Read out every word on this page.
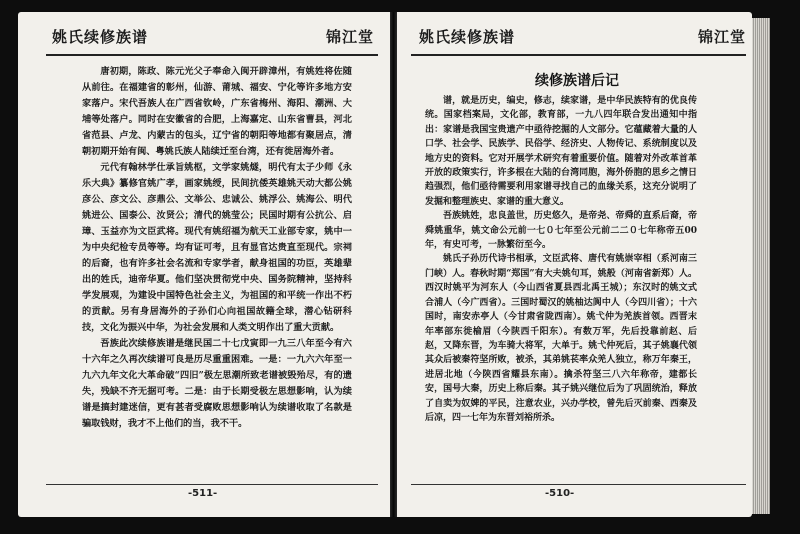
姚氏续修族谱	锦江堂

唐初期，陈政、陈元光父子奉命入闽开辟漳州，有姚姓将佐随从前往。在福建省的彰州，仙游、莆城、福安、宁化等许多地方安家落户。宋代吾族人在广西省钦岭，广东省梅州、海阳、潮洲、大埔等处落户。同时在安徽省的合肥，上海嘉定、山东省曹县，河北省范县、卢龙、内蒙古的包头，辽宁省的朝阳等地都有聚居点，清朝初期开始有闽、粤姚氏族人陆续迁至台湾，还有徙居海外者。

元代有翰林学仕承旨姚枢，文学家姚燧，明代有太子少师《永乐大典》纂修官姚广孝，画家姚绶，民间抗倭英雄姚天动大都公姚彦公、彦文公、彦鼎公、文举公、忠诚公、姚浮公、姚海公、明代姚进公、国泰公、汝贤公；清代的姚莹公；民国时期有公抗公、启璋、玉益亦为文臣武将。现代有姚绍福为航天工业部专家，姚中一为中央纪检专员等等。均有证可考，且有显官达贵直至现代。宗祠的后裔，也有许多社会名流和专家学者，献身祖国的功臣，英雄辈出的姓氏，迪帝华夏。他们坚决贯彻党中央、国务院精神，坚持科学发展观，为建设中国特色社会主义，为祖国的和平统一作出不朽的贡献。另有身居海外的子孙们心向祖国故籍全球，潜心钻研科技，文化为振兴中华，为社会发展和人类文明作出了重大贡献。

吾族此次续修族谱是继民国二十七戊寅即一九三八年至今有六十六年之久再次续谱可良是历尽重重困难。一是：一九六六年至一九六九年文化大革命破“四旧”极左思潮所致老谱被毁殆尽，有的遗失，残缺不齐无据可考。二是：由于长期受极左思想影响，认为续谱是搞封建迷信，更有甚者受腐败思想影响认为续谱收取了名款是骗取钱财，我才不上他们的当，我不干。

-511-
姚氏续修族谱	锦江堂
续修族谱后记

谱，就是历史，编史，修志，续家谱，是中华民族特有的优良传统。国家档案局，文化部，教育部，一九八四年联合发出通知中指出：家谱是我国宝贵遗产中亟待挖掘的人文部分。它蕴藏着大量的人口学、社会学、民族学、民俗学、经济史、人物传记、系统制度以及地方史的资料。它对开展学术研究有着重要价值。随着对外改革首革开放的政策实行，许多根在大陆的台湾同胞，海外侨胞的思乡之情日趋强烈，他们亟待需要利用家谱寻找自己的血缘关系，这充分说明了发掘和整理族史、家谱的重大意义。

吾族姚姓，忠良盖世，历史悠久，是帝尧、帝舜的直系后裔，帝舜姚重华，姚文命公元前一七０七年至公元前二二０七年称帝五00年，有史可考，一脉繁衍至今。

姚氏子孙历代诗书相承，文臣武将、唐代有姚崇宰相（系河南三门峡）人。春秋时期“郑国”有大夫姚句耳，姚般（河南省新郑）人。西汉时姚平为河东人（今山西省夏县西北禹王城）；东汉时的姚文式合浦人（今广西省）。三国时蜀汉的姚柚达阆中人（今四川省）；十六国时，南安赤亭人（今甘肃省陇西南）。姚弋仲为羌族首领。西晋末年率部东徙榆眉（今陕西千阳东）。有数万军，先后投靠前赵、后赵，又降东晋，为车骑大将军，大单于。姚弋仲死后，其子姚襄代领其众后被秦符坚所败，被杀，其弟姚苌率众羌人独立，称万年秦王，进居北地（今陕西省耀县东南）。擒杀符坚三八六年称帝，建都长安，国号大秦，历史上称后秦。其子姚兴继位后为了巩固统治，释放了自卖为奴婢的平民，注意农业，兴办学校，曾先后灭前秦、西秦及后凉，四一七年为东晋刘裕所杀。

-510-
